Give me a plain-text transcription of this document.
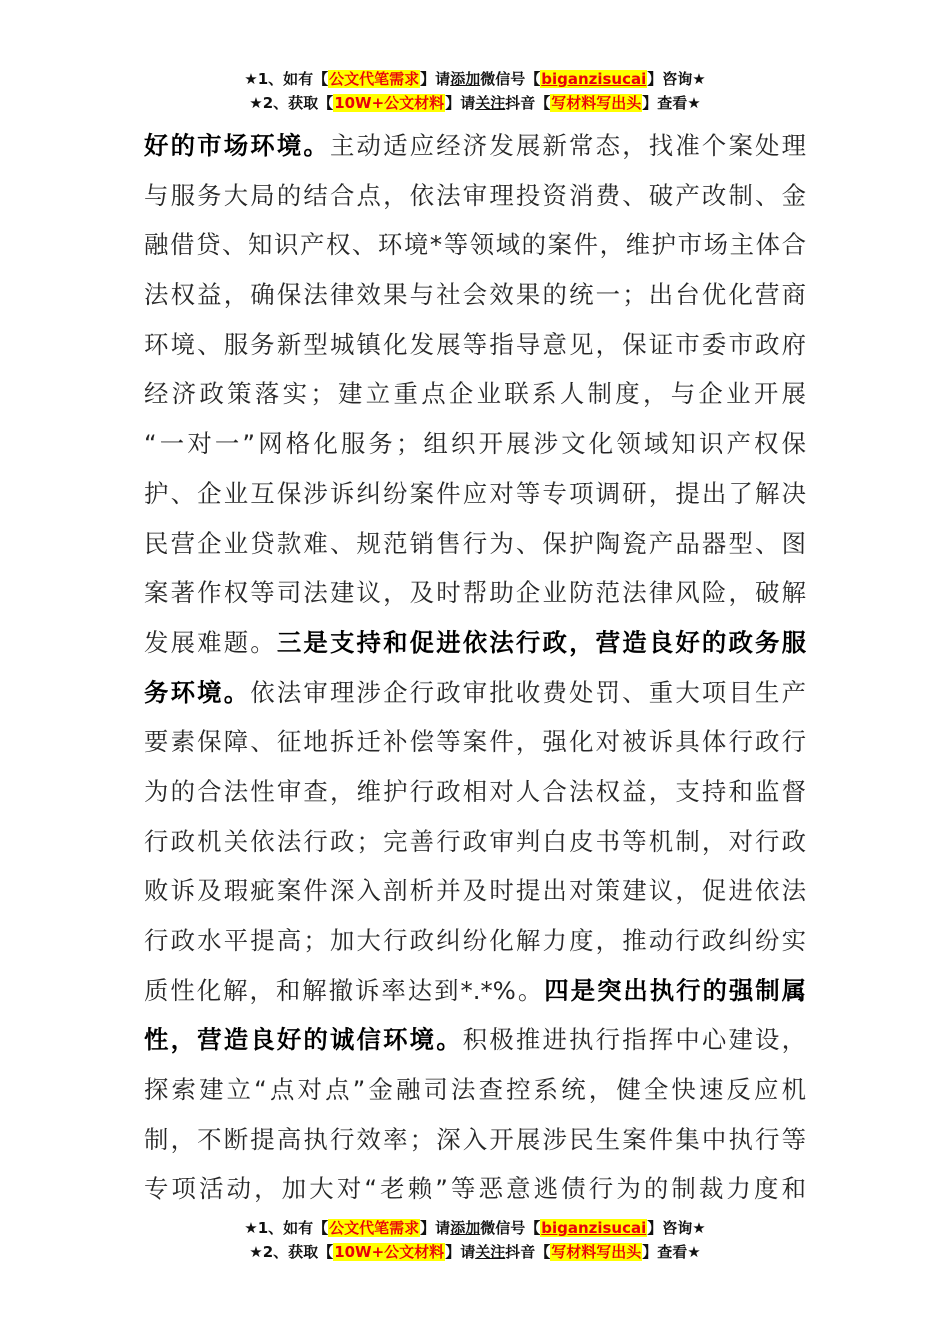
★1、如有【公文代笔需求】请添加微信号【biganzisucai】咨询★
★2、获取【10W+公文材料】请关注抖音【写材料写出头】查看★
好的市场环境。主动适应经济发展新常态，找准个案处理
与服务大局的结合点，依法审理投资消费、破产改制、金
融借贷、知识产权、环境*等领域的案件，维护市场主体合
法权益，确保法律效果与社会效果的统一；出台优化营商
环境、服务新型城镇化发展等指导意见，保证市委市政府
经济政策落实；建立重点企业联系人制度，与企业开展
“一对一”网格化服务；组织开展涉文化领域知识产权保
护、企业互保涉诉纠纷案件应对等专项调研，提出了解决
民营企业贷款难、规范销售行为、保护陶瓷产品器型、图
案著作权等司法建议，及时帮助企业防范法律风险，破解
发展难题。三是支持和促进依法行政，营造良好的政务服
务环境。依法审理涉企行政审批收费处罚、重大项目生产
要素保障、征地拆迁补偿等案件，强化对被诉具体行政行
为的合法性审查，维护行政相对人合法权益，支持和监督
行政机关依法行政；完善行政审判白皮书等机制，对行政
败诉及瑕疵案件深入剖析并及时提出对策建议，促进依法
行政水平提高；加大行政纠纷化解力度，推动行政纠纷实
质性化解，和解撤诉率达到*.*%。四是突出执行的强制属
性，营造良好的诚信环境。积极推进执行指挥中心建设，
探索建立“点对点”金融司法查控系统，健全快速反应机
制，不断提高执行效率；深入开展涉民生案件集中执行等
专项活动，加大对“老赖”等恶意逃债行为的制裁力度和
★1、如有【公文代笔需求】请添加微信号【biganzisucai】咨询★
★2、获取【10W+公文材料】请关注抖音【写材料写出头】查看★
